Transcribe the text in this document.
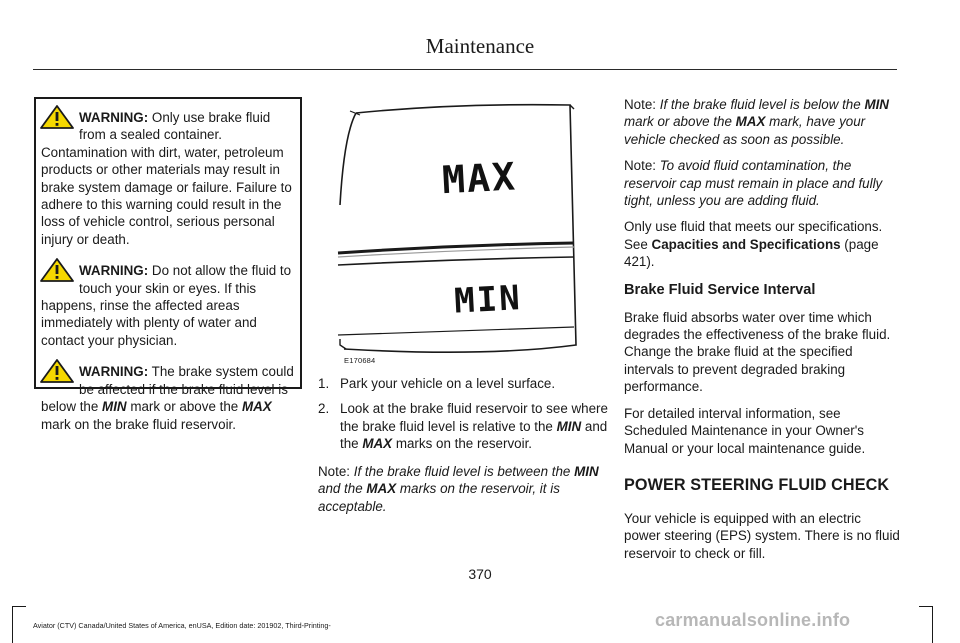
Maintenance

WARNING: Only use brake fluid from a sealed container. Contamination with dirt, water, petroleum products or other materials may result in brake system damage or failure. Failure to adhere to this warning could result in the loss of vehicle control, serious personal injury or death.

WARNING: Do not allow the fluid to touch your skin or eyes. If this happens, rinse the affected areas immediately with plenty of water and contact your physician.

WARNING: The brake system could be affected if the brake fluid level is below the MIN mark or above the MAX mark on the brake fluid reservoir.

MAX
MIN
E170684
1. Park your vehicle on a level surface.
2. Look at the brake fluid reservoir to see where the brake fluid level is relative to the MIN and the MAX marks on the reservoir.

Note: If the brake fluid level is between the MIN and the MAX marks on the reservoir, it is acceptable.

Note: If the brake fluid level is below the MIN mark or above the MAX mark, have your vehicle checked as soon as possible.

Note: To avoid fluid contamination, the reservoir cap must remain in place and fully tight, unless you are adding fluid.

Only use fluid that meets our specifications. See Capacities and Specifications (page 421).

Brake Fluid Service Interval

Brake fluid absorbs water over time which degrades the effectiveness of the brake fluid. Change the brake fluid at the specified intervals to prevent degraded braking performance.

For detailed interval information, see Scheduled Maintenance in your Owner's Manual or your local maintenance guide.

POWER STEERING FLUID CHECK

Your vehicle is equipped with an electric power steering (EPS) system. There is no fluid reservoir to check or fill.

370
Aviator (CTV) Canada/United States of America, enUSA, Edition date: 201902, Third-Printing-	carmanualsonline.info
